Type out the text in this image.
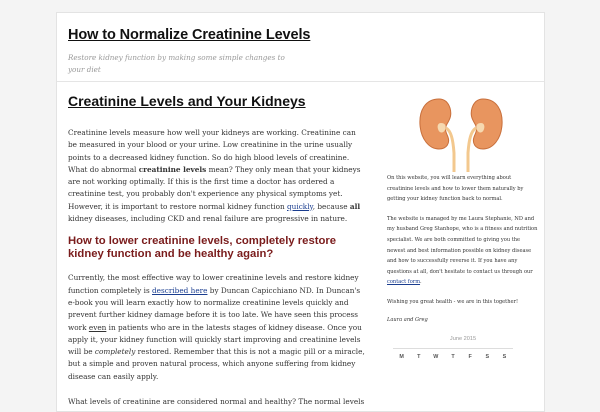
How to Normalize Creatinine Levels
Restore kidney function by making some simple changes to your diet
Creatinine Levels and Your Kidneys

Creatinine levels measure how well your kidneys are working. Creatinine can be measured in your blood or your urine. Low creatinine in the urine usually points to a decreased kidney function. So do high blood levels of creatinine. What do abnormal creatinine levels mean? They only mean that your kidneys are not working optimally. If this is the first time a doctor has ordered a creatinine test, you probably don't experience any physical symptoms yet. However, it is important to restore normal kidney function quickly, because all kidney diseases, including CKD and renal failure are progressive in nature.

How to lower creatinine levels, completely restore kidney function and be healthy again?

Currently, the most effective way to lower creatinine levels and restore kidney function completely is described here by Duncan Capicchiano ND. In Duncan's e-book you will learn exactly how to normalize creatinine levels quickly and prevent further kidney damage before it is too late. We have seen this process work even in patients who are in the latests stages of kidney disease. Once you apply it, your kidney function will quickly start improving and creatinine levels will be completely restored. Remember that this is not a magic pill or a miracle, but a simple and proven natural process, which anyone suffering from kidney disease can easily apply.

What levels of creatinine are considered normal and healthy? The normal levels

On this website, you will learn everything about creatinine levels and how to lower them naturally by getting your kidney function back to normal.

The website is managed by me Laura Stephanie, ND and my husband Greg Stanhope, who is a fitness and nutrition specialist. We are both committed to giving you the newest and best information possible on kidney disease and how to successfully reverse it. If you have any questions at all, don't hesitate to contact us through our contact form.

Wishing you great health - we are in this together!

Laura and Greg
June 2015
M	T	W	T	F	S	S
